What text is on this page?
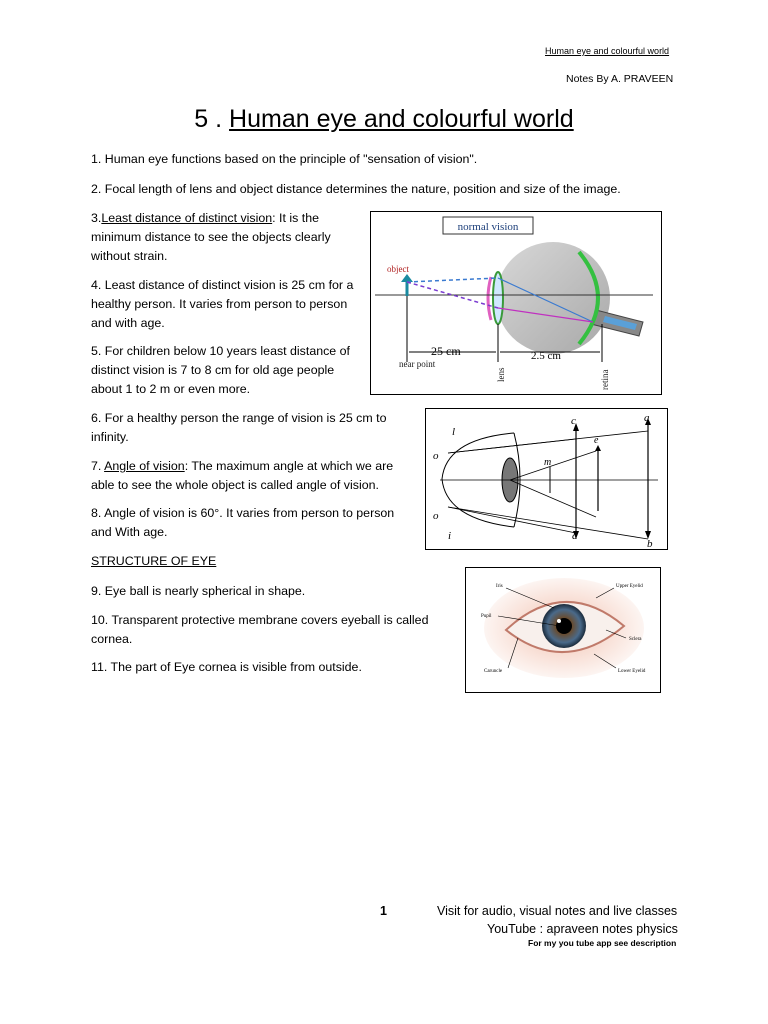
Human eye and colourful world
Notes By A. PRAVEEN
5 . Human eye and colourful world
1. Human eye functions based on the principle of "sensation of vision".
2. Focal length of lens and object distance determines the nature, position and size of the image.
3.Least distance of distinct vision: It is the minimum distance to see the objects clearly without strain.
4. Least distance of distinct vision is 25 cm for a healthy person. It varies from person to person and with age.
5. For children below 10 years least distance of distinct vision is 7 to 8 cm for old age people about 1 to 2 m or even more.
6. For a healthy person the range of vision is 25 cm to infinity.
7. Angle of vision: The maximum angle at which we are able to see the whole object is called angle of vision.
8. Angle of vision is 60°. It varies from person to person and With age.
STRUCTURE OF EYE
9. Eye ball is nearly spherical in shape.
10. Transparent protective membrane covers eyeball is called cornea.
11. The part of Eye cornea is visible from outside.
normal vision
object
25 cm	2.5 cm
near point
lens	retina
l
o
o
i
c
d
a
b
e
m
Iris	Upper Eyelid
Pupil
Sclera
Caruncle	Lower Eyelid
1	Visit for audio, visual notes and live classes
YouTube : apraveen notes physics
For my you tube app see description
